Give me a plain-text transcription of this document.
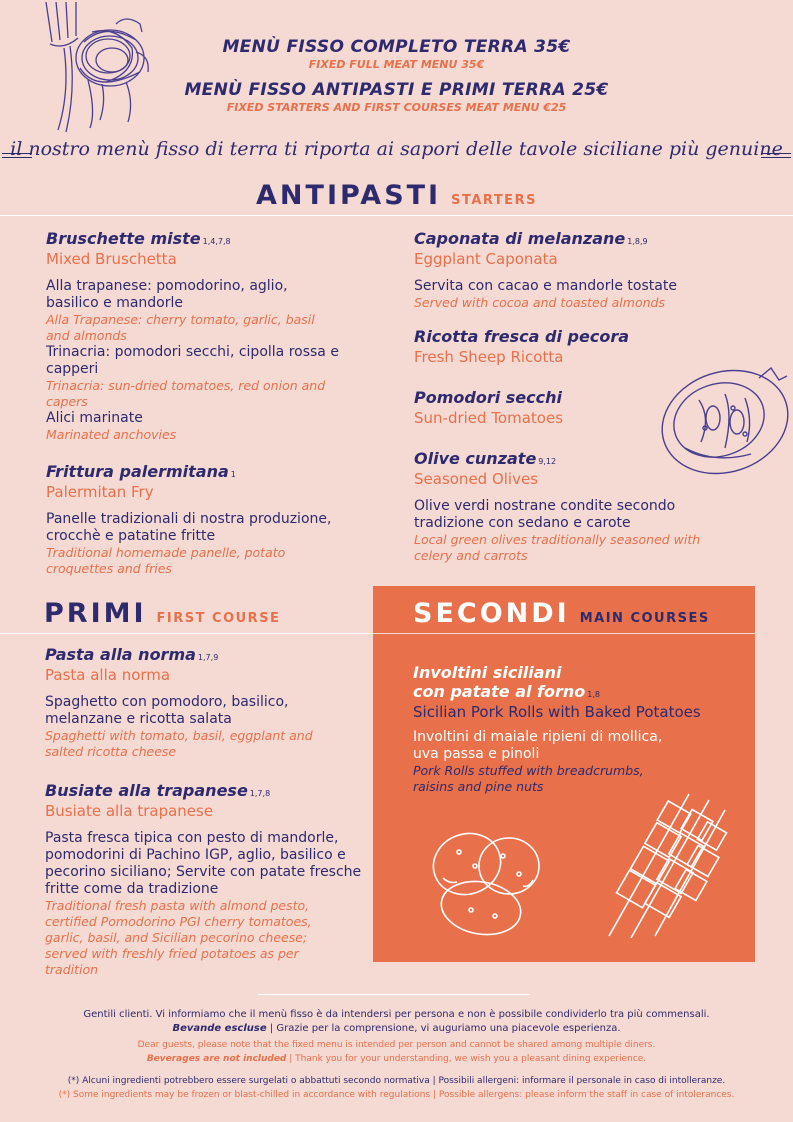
MENÙ FISSO COMPLETO TERRA 35€
FIXED FULL MEAT MENU 35€
MENÙ FISSO ANTIPASTI E PRIMI TERRA 25€
FIXED STARTERS AND FIRST COURSES MEAT MENU €25
il nostro menù fisso di terra ti riporta ai sapori delle tavole siciliane più genuine
ANTIPASTI STARTERS
Bruschette miste 1,4,7,8
Mixed Bruschetta
Alla trapanese: pomodorino, aglio, basilico e mandorle
Alla Trapanese: cherry tomato, garlic, basil and almonds
Trinacria: pomodori secchi, cipolla rossa e capperi
Trinacria: sun-dried tomatoes, red onion and capers
Alici marinate
Marinated anchovies
Frittura palermitana 1
Palermitan Fry
Panelle tradizionali di nostra produzione, crocchè e patatine fritte
Traditional homemade panelle, potato croquettes and fries
Caponata di melanzane 1,8,9
Eggplant Caponata
Servita con cacao e mandorle tostate
Served with cocoa and toasted almonds
Ricotta fresca di pecora
Fresh Sheep Ricotta
Pomodori secchi
Sun-dried Tomatoes
Olive cunzate 9,12
Seasoned Olives
Olive verdi nostrane condite secondo tradizione con sedano e carote
Local green olives traditionally seasoned with celery and carrots
PRIMI FIRST COURSE
Pasta alla norma 1,7,9
Pasta alla norma
Spaghetto con pomodoro, basilico, melanzane e ricotta salata
Spaghetti with tomato, basil, eggplant and salted ricotta cheese
Busiate alla trapanese 1,7,8
Busiate alla trapanese
Pasta fresca tipica con pesto di mandorle, pomodorini di Pachino IGP, aglio, basilico e pecorino siciliano; Servite con patate fresche fritte come da tradizione
Traditional fresh pasta with almond pesto, certified Pomodorino PGI cherry tomatoes, garlic, basil, and Sicilian pecorino cheese; served with freshly fried potatoes as per tradition
SECONDI MAIN COURSES
Involtini siciliani
con patate al forno 1,8
Sicilian Pork Rolls with Baked Potatoes
Involtini di maiale ripieni di mollica, uva passa e pinoli
Pork Rolls stuffed with breadcrumbs, raisins and pine nuts
Gentili clienti. Vi informiamo che il menù fisso è da intendersi per persona e non è possibile condividerlo tra più commensali.
Bevande escluse | Grazie per la comprensione, vi auguriamo una piacevole esperienza.
Dear guests, please note that the fixed menu is intended per person and cannot be shared among multiple diners.
Beverages are not included | Thank you for your understanding, we wish you a pleasant dining experience.
(*) Alcuni ingredienti potrebbero essere surgelati o abbattuti secondo normativa | Possibili allergeni: informare il personale in caso di intolleranze.
(*) Some ingredients may be frozen or blast-chilled in accordance with regulations | Possible allergens: please inform the staff in case of intolerances.
